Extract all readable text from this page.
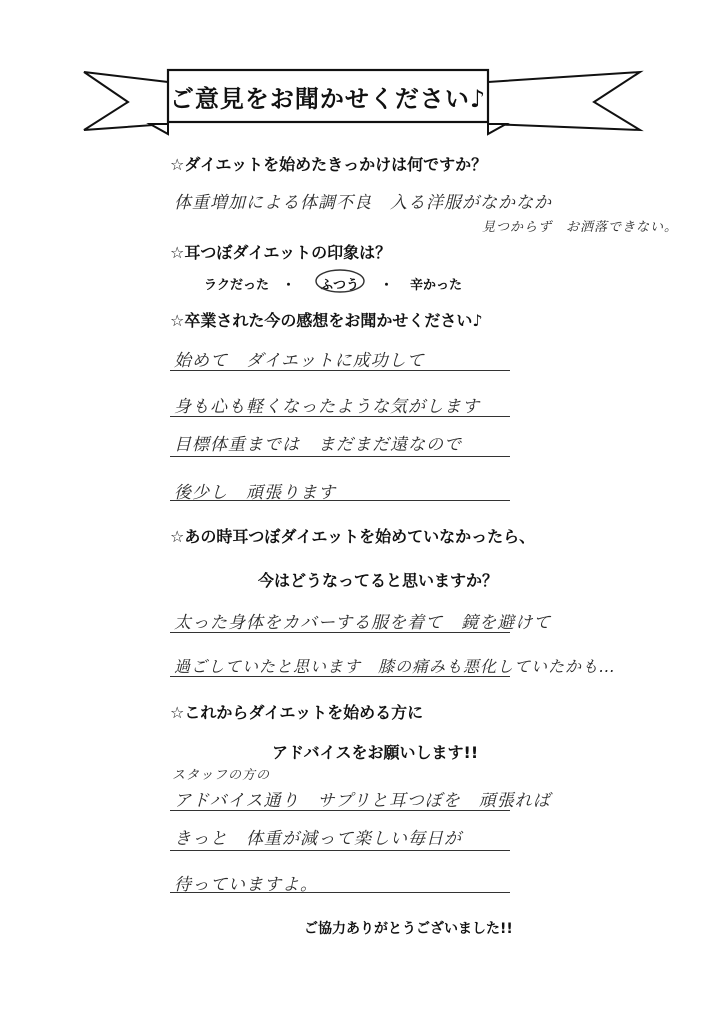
ご意見をお聞かせください♪
☆ダイエットを始めたきっかけは何ですか？
体重増加による体調不良　入る洋服がなかなか
見つからず　お洒落できない。
☆耳つぼダイエットの印象は？
ラクだった ・ ふつう ・ 辛かった
☆卒業された今の感想をお聞かせください♪
始めて　ダイエットに成功して
身も心も軽くなったような気がします
目標体重までは　まだまだ遠なので
後少し　頑張ります
☆あの時耳つぼダイエットを始めていなかったら、
今はどうなってると思いますか？
太った身体をカバーする服を着て　鏡を避けて
過ごしていたと思います　膝の痛みも悪化していたかも…
☆これからダイエットを始める方に
アドバイスをお願いします!!
スタッフの方の
アドバイス通り　サプリと耳つぼを　頑張れば
きっと　体重が減って楽しい毎日が
待っていますよ。
ご協力ありがとうございました!!
